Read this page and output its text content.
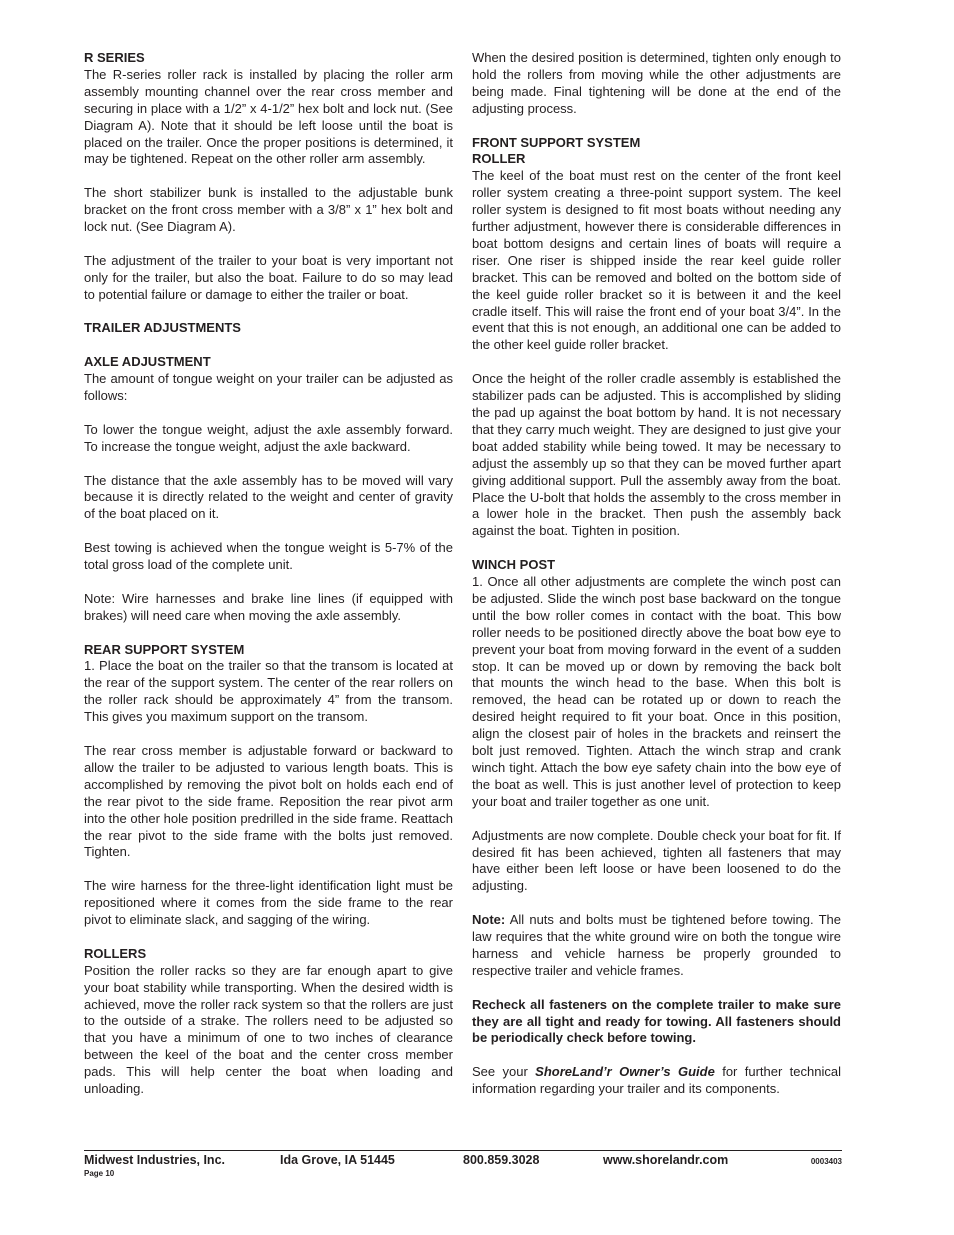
R SERIES

The R-series roller rack is installed by placing the roller arm assembly mounting channel over the rear cross member and securing in place with a 1/2” x 4-1/2” hex bolt and lock nut. (See Diagram A). Note that it should be left loose until the boat is placed on the trailer. Once the proper positions is determined, it may be tightened. Repeat on the other roller arm assembly.

The short stabilizer bunk is installed to the adjustable bunk bracket on the front cross member with a 3/8” x 1” hex bolt and lock nut. (See Diagram A).

The adjustment of the trailer to your boat is very important not only for the trailer, but also the boat. Failure to do so may lead to potential failure or damage to either the trailer or boat.

TRAILER ADJUSTMENTS

AXLE ADJUSTMENT

The amount of tongue weight on your trailer can be adjusted as follows:

To lower the tongue weight, adjust the axle assembly forward. To increase the tongue weight, adjust the axle backward.

The distance that the axle assembly has to be moved will vary because it is directly related to the weight and center of gravity of the boat placed on it.

Best towing is achieved when the tongue weight is 5-7% of the total gross load of the complete unit.

Note: Wire harnesses and brake line lines (if equipped with brakes) will need care when moving the axle assembly.

REAR SUPPORT SYSTEM

1. Place the boat on the trailer so that the transom is located at the rear of the support system. The center of the rear rollers on the roller rack should be approximately 4” from the transom. This gives you maximum support on the transom.

The rear cross member is adjustable forward or backward to allow the trailer to be adjusted to various length boats. This is accomplished by removing the pivot bolt on holds each end of the rear pivot to the side frame. Reposition the rear pivot arm into the other hole position predrilled in the side frame. Reattach the rear pivot to the side frame with the bolts just removed. Tighten.

The wire harness for the three-light identification light must be repositioned where it comes from the side frame to the rear pivot to eliminate slack, and sagging of the wiring.

ROLLERS

Position the roller racks so they are far enough apart to give your boat stability while transporting. When the desired width is achieved, move the roller rack system so that the rollers are just to the outside of a strake. The rollers need to be adjusted so that you have a minimum of one to two inches of clearance between the keel of the boat and the center cross member pads. This will help center the boat when loading and unloading.

When the desired position is determined, tighten only enough to hold the rollers from moving while the other adjustments are being made. Final tightening will be done at the end of the adjusting process.

FRONT SUPPORT SYSTEM

ROLLER

The keel of the boat must rest on the center of the front keel roller system creating a three-point support system. The keel roller system is designed to fit most boats without needing any further adjustment, however there is considerable differences in boat bottom designs and certain lines of boats will require a riser. One riser is shipped inside the rear keel guide roller bracket. This can be removed and bolted on the bottom side of the keel guide roller bracket so it is between it and the keel cradle itself. This will raise the front end of your boat 3/4”. In the event that this is not enough, an additional one can be added to the other keel guide roller bracket.

Once the height of the roller cradle assembly is established the stabilizer pads can be adjusted. This is accomplished by sliding the pad up against the boat bottom by hand. It is not necessary that they carry much weight. They are designed to just give your boat added stability while being towed. It may be necessary to adjust the assembly up so that they can be moved further apart giving additional support. Pull the assembly away from the boat. Place the U-bolt that holds the assembly to the cross member in a lower hole in the bracket. Then push the assembly back against the boat. Tighten in position.

WINCH POST

1. Once all other adjustments are complete the winch post can be adjusted. Slide the winch post base backward on the tongue until the bow roller comes in contact with the boat. This bow roller needs to be positioned directly above the boat bow eye to prevent your boat from moving forward in the event of a sudden stop. It can be moved up or down by removing the back bolt that mounts the winch head to the base. When this bolt is removed, the head can be rotated up or down to reach the desired height required to fit your boat. Once in this position, align the closest pair of holes in the brackets and reinsert the bolt just removed. Tighten. Attach the winch strap and crank winch tight. Attach the bow eye safety chain into the bow eye of the boat as well. This is just another level of protection to keep your boat and trailer together as one unit.

Adjustments are now complete. Double check your boat for fit. If desired fit has been achieved, tighten all fasteners that may have either been left loose or have been loosened to do the adjusting.

Note: All nuts and bolts must be tightened before towing. The law requires that the white ground wire on both the tongue wire harness and vehicle harness be properly grounded to respective trailer and vehicle frames.

Recheck all fasteners on the complete trailer to make sure they are all tight and ready for towing. All fasteners should be periodically check before towing.

See your ShoreLand’r Owner’s Guide for further technical information regarding your trailer and its components.

Midwest Industries, Inc.	Ida Grove, IA 51445	800.859.3028	www.shorelandr.com	0003403
Page 10
